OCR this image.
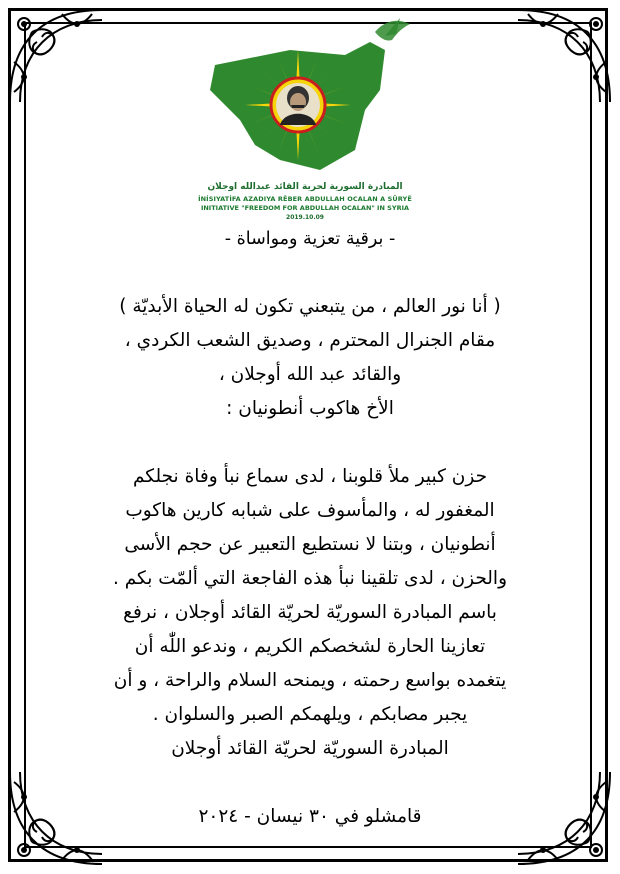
المبادرة السورية لحرية القائد عبدالله اوجلان
İNİSIYATİFA AZADIYA RÊBER ABDULLAH OCALAN A SÛRYÊ
INITIATIVE "FREEDOM FOR ABDULLAH OCALAN" IN SYRIA
2019.10.09
- برقية تعزية ومواساة -
( أنا نور العالم ، من يتبعني تكون له الحياة الأبديّة )
مقام الجنرال المحترم ، وصديق الشعب الكردي ،
والقائد عبد الله أوجلان ،
الأخ هاكوب أنطونيان :
حزن كبير ملأ قلوبنا ، لدى سماع نبأ وفاة نجلكم
المغفور له ، والمأسوف على شبابه كارين هاكوب
أنطونيان ، وبتنا لا نستطيع التعبير عن حجم الأسى
والحزن ، لدى تلقينا نبأ هذه الفاجعة التي ألمّت بكم .
باسم المبادرة السوريّة لحريّة القائد أوجلان ، نرفع
تعازينا الحارة لشخصكم الكريم ، وندعو اللّٰه أن
يتغمده بواسع رحمته ، ويمنحه السلام والراحة ، و أن
يجبر مصابكم ، ويلهمكم الصبر والسلوان .
المبادرة السوريّة لحريّة القائد أوجلان
قامشلو في ٣٠ نيسان - ٢٠٢٤
